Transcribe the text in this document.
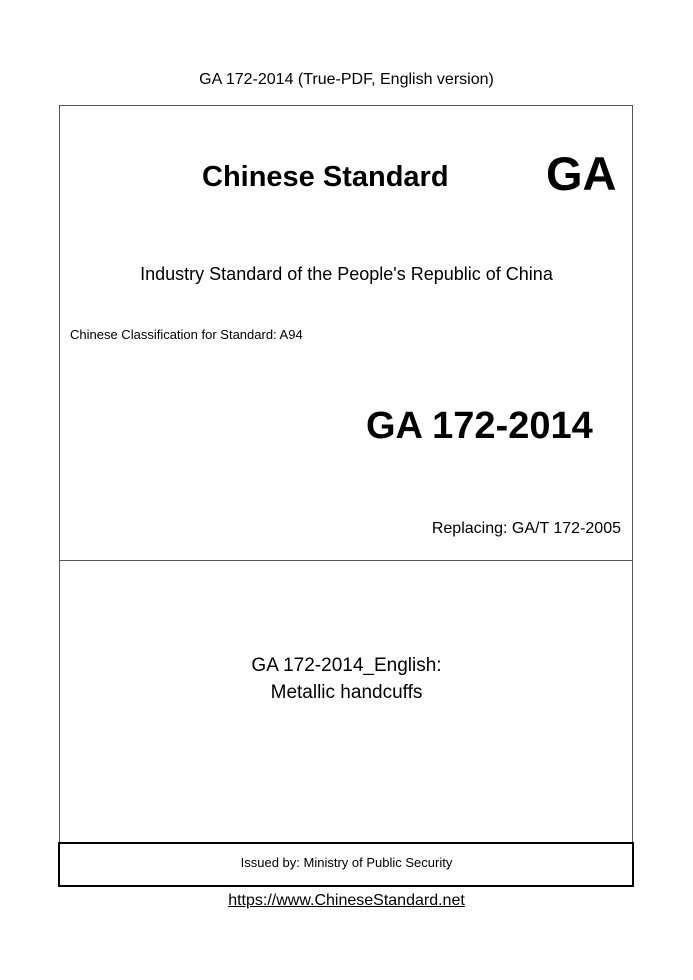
GA 172-2014 (True-PDF, English version)
Chinese Standard GA
Industry Standard of the People's Republic of China
Chinese Classification for Standard: A94
GA 172-2014
Replacing: GA/T 172-2005
GA 172-2014_English:
Metallic handcuffs
Issued by: Ministry of Public Security
https://www.ChineseStandard.net
